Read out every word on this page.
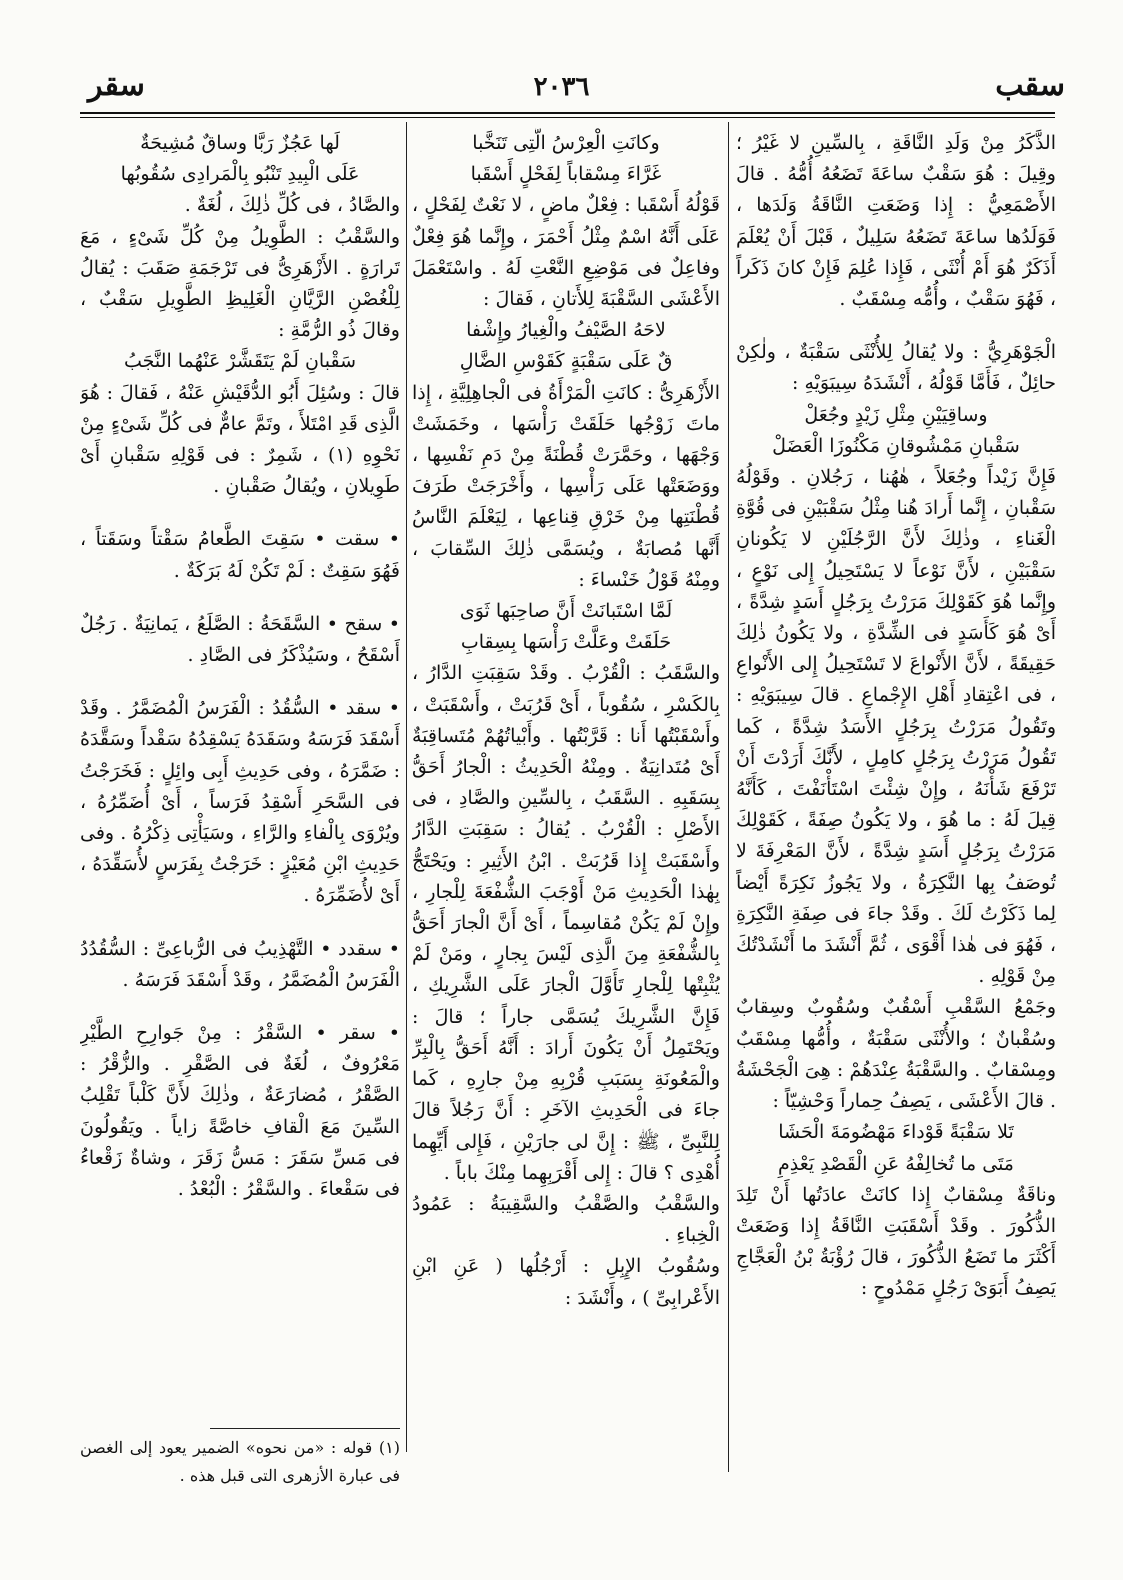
سقب
٢٠٣٦
سقر

الذَّكَرُ مِنْ وَلَدِ النَّاقَةِ ، بِالسِّينِ لا غَيْرُ ؛ وقِيلَ : هُوَ سَقْبٌ ساعَةَ تَضَعُهُ أُمُّهُ . قالَ الأَصْمَعِيُّ : إِذا وَضَعَتِ النَّاقَةُ وَلَدَها ، فَوَلَدُها ساعَةَ تَضَعُهُ سَلِيلٌ ، قَبْلَ أَنْ يُعْلَمَ أَذَكَرٌ هُوَ أَمْ أُنْثَى ، فَإِذا عُلِمَ فَإِنْ كانَ ذَكَراً ، فَهُوَ سَقْبٌ ، وأُمُّه مِسْقَبٌ .

الْجَوْهَرِيُّ : ولا يُقالُ لِلأُنْثَى سَقْبَةٌ ، ولٰكِنْ حائِلٌ ، فَأَمَّا قَوْلُهُ ، أَنْشَدَهُ سِيبَوَيْهِ :

وساقِيَيْنِ مِثْلِ زَيْدٍ وجُعَلْ

سَقْبانِ مَمْشُوقانِ مَكْنُوزَا الْعَضَلْ

فَإِنَّ زَيْداً وجُعَلاً ، هٰهُنا ، رَجُلانِ . وقَوْلُهُ سَقْبانِ ، إِنَّما أَرادَ هُنا مِثْلُ سَقْبَيْنِ فى قُوَّةِ الْغَناءِ ، وذٰلِكَ لأَنَّ الرَّجُلَيْنِ لا يَكُونانِ سَقْبَيْنِ ، لأَنَّ نَوْعاً لا يَسْتَحِيلُ إِلى نَوْعٍ ، وإِنَّما هُوَ كَقَوْلِكَ مَرَرْتُ بِرَجُلٍ أَسَدٍ شِدَّةً ، أَىْ هُوَ كَأَسَدٍ فى الشِّدَّةِ ، ولا يَكُونُ ذٰلِكَ حَقِيقَةً ، لأَنَّ الأَنْواعَ لا تَسْتَحِيلُ إِلى الأَنْواعِ ، فى اعْتِقادِ أَهْلِ الإِجْماعِ . قالَ سِيبَوَيْهِ : وتَقُولُ مَرَرْتُ بِرَجُلٍ الأَسَدُ شِدَّةً ، كَما تَقُولُ مَرَرْتُ بِرَجُلٍ كامِلٍ ، لأَنَّكَ أَرَدْتَ أَنْ تَرْفَعَ شَأْنَهُ ، وإِنْ شِئْتَ اسْتَأْنَفْتَ ، كَأَنَّهُ قِيلَ لَهُ : ما هُوَ ، ولا يَكُونُ صِفَةً ، كَقَوْلِكَ مَرَرْتُ بِرَجُلٍ أَسَدٍ شِدَّةً ، لأَنَّ المَعْرِفَةَ لا تُوصَفُ بِها النَّكِرَةُ ، ولا يَجُوزُ نَكِرَةً أَيْضاً لِما ذَكَرْتُ لَكَ . وقَدْ جاءَ فى صِفَةِ النَّكِرَةِ ، فَهُوَ فى هٰذا أَقْوَى ، ثُمَّ أَنْشَدَ ما أَنْشَدْتُكَ مِنْ قَوْلِهِ .

وجَمْعُ السَّقْبِ أَسْقُبٌ وسُقُوبٌ وسِقابٌ وسُقْبانٌ ؛ والأُنْثَى سَقْبَةٌ ، وأُمُّها مِسْقَبٌ ومِسْقابٌ . والسَّقْبَةُ عِنْدَهُمْ : هِىَ الْجَحْشَةُ . قالَ الأَعْشَى ، يَصِفُ حِماراً وَحْشِيّاً :

تَلا سَقْبَةً قَوْداءَ مَهْضُومَةَ الْحَشَا

مَتَى ما تُخالِفْهُ عَنِ الْقَصْدِ يَعْذِمِ

وناقَةٌ مِسْقابٌ إِذا كانَتْ عادَتُها أَنْ تَلِدَ الذُّكُورَ . وقَدْ أَسْقَبَتِ النَّاقَةُ إِذا وَضَعَتْ أَكْثَرَ ما تَضَعُ الذُّكُورَ ، قالَ رُؤْبَةُ بْنُ الْعَجَّاجِ يَصِفُ أَبَوَىْ رَجُلٍ مَمْدُوحٍ :

وكانَتِ الْعِرْسُ الَّتِى تَنَخَّبا

غَرَّاءَ مِسْقاباً لِفَحْلٍ أَسْقَبا

قَوْلُهُ أَسْقَبا : فِعْلٌ ماضٍ ، لا نَعْتٌ لِفَحْلٍ ، عَلَى أَنَّهُ اسْمٌ مِثْلُ أَحْمَرَ ، وإِنَّما هُوَ فِعْلٌ وفاعِلٌ فى مَوْضِعِ النَّعْتِ لَهُ . واسْتَعْمَلَ الأَعْشَى السَّقْبَةَ لِلأَتانِ ، فَقالَ :

لاحَهُ الصَّيْفُ والْغِيارُ وإِشْفا

قٌ عَلَى سَقْبَةٍ كَقَوْسِ الضَّالِ

الأَزْهَرِىُّ : كانَتِ الْمَرْأَةُ فى الْجاهِلِيَّةِ ، إِذا ماتَ زَوْجُها حَلَقَتْ رَأْسَها ، وخَمَشَتْ وَجْهَها ، وحَمَّرَتْ قُطْنَةً مِنْ دَمِ نَفْسِها ، ووَضَعَتْها عَلَى رَأْسِها ، وأَخْرَجَتْ طَرَفَ قُطْنَتِها مِنْ خَرْقِ قِناعِها ، لِيَعْلَمَ النَّاسُ أَنَّها مُصابَةٌ ، ويُسَمَّى ذٰلِكَ السِّقابَ ، ومِنْهُ قَوْلُ خَنْساءَ :

لَمَّا اسْتَبانَتْ أَنَّ صاحِبَها ثَوَى

حَلَقَتْ وعَلَّتْ رَأْسَها بِسِقابِ

والسَّقَبُ : الْقُرْبُ . وقَدْ سَقِبَتِ الدَّارُ ، بِالكَسْرِ ، سُقُوباً ، أَىْ قَرُبَتْ ، وأَسْقَبَتْ ، وأَسْقَبْتُها أَنا : قَرَّبْتُها . وأَبْياتُهُمْ مُتَساقِبَةٌ أَىْ مُتَدانِيَةٌ . ومِنْهُ الْحَدِيثُ : الْجارُ أَحَقُّ بِسَقَبِهِ . السَّقَبُ ، بِالسِّينِ والصَّادِ ، فى الأَصْلِ : الْقُرْبُ . يُقالُ : سَقِبَتِ الدَّارُ وأَسْقَبَتْ إِذا قَرُبَتْ . ابْنُ الأَثِيرِ : ويَحْتَجُّ بِهٰذا الْحَدِيثِ مَنْ أَوْجَبَ الشُّفْعَةَ لِلْجارِ ، وإِنْ لَمْ يَكُنْ مُقاسِماً ، أَىْ أَنَّ الْجارَ أَحَقُّ بِالشُّفْعَةِ مِنَ الَّذِى لَيْسَ بِجارٍ ، ومَنْ لَمْ يُثْبِتْها لِلْجارِ تَأَوَّلَ الْجارَ عَلَى الشَّرِيكِ ، فَإِنَّ الشَّرِيكَ يُسَمَّى جاراً ؛ قالَ : ويَحْتَمِلُ أَنْ يَكُونَ أَرادَ : أَنَّهُ أَحَقُّ بِالْبِرِّ والْمَعُونَةِ بِسَبَبِ قُرْبِهِ مِنْ جارِهِ ، كَما جاءَ فى الْحَدِيثِ الآخَرِ : أَنَّ رَجُلاً قالَ لِلنَّبِىِّ ، ﷺ : إِنَّ لى جارَيْنِ ، فَإِلى أَيِّهِما أُهْدِى ؟ قالَ : إِلى أَقْرَبِهِما مِنْكَ باباً .

والسَّقْبُ والصَّقْبُ والسَّقِيبَةُ : عَمُودُ الْخِباءِ .

وسُقُوبُ الإِبِلِ : أَرْجُلُها ( عَنِ ابْنِ الأَعْرابِىِّ ) ، وأَنْشَدَ :

لَها عَجُزٌ رَبَّا وساقٌ مُشِيحَةٌ

عَلَى الْبِيدِ تَنْبُو بِالْمَرادِى سُقُوبُها

والصَّادُ ، فى كُلِّ ذٰلِكَ ، لُغَةٌ .

والسَّقْبُ : الطَّوِيلُ مِنْ كُلِّ شَىْءٍ ، مَعَ تَرارَةٍ . الأَزْهَرِىُّ فى تَرْجَمَةِ صَقَبَ : يُقالُ لِلْغُصْنِ الرَّيَّانِ الْغَلِيظِ الطَّوِيلِ سَقْبٌ ، وقالَ ذُو الرُّمَّةِ :

سَقْبانِ لَمْ يَتَقَشَّرْ عَنْهُما النَّجَبُ

قالَ : وسُئِلَ أَبُو الدُّقَيْشِ عَنْهُ ، فَقالَ : هُوَ الَّذِى قَدِ امْتَلأَ ، وتَمَّ عامٌّ فى كُلِّ شَىْءٍ مِنْ نَحْوِهِ (١) ، شَمِرٌ : فى قَوْلِهِ سَقْبانِ أَىْ طَوِيلانِ ، ويُقالُ صَقْبانِ .

• سقت • سَقِتَ الطَّعامُ سَقْتاً وسَقَتاً ، فَهُوَ سَقِتٌ : لَمْ تَكُنْ لَهُ بَرَكَةٌ .

• سقح • السَّقَحَةُ : الصَّلَعُ ، يَمانِيَةٌ . رَجُلٌ أَسْقَحُ ، وسَيُذْكَرُ فى الصَّادِ .

• سقد • السُّقُدُ : الْفَرَسُ الْمُضَمَّرُ . وقَدْ أَسْقَدَ فَرَسَهُ وسَقَدَهُ يَسْقِدُهُ سَقْداً وسَقَّدَهُ : ضَمَّرَهُ ، وفى حَدِيثِ أَبِى وائِلٍ : فَخَرَجْتُ فى السَّحَرِ أَسْقِدُ فَرَساً ، أَىْ أُضَمِّرُهُ ، ويُرْوَى بِالْفاءِ والرَّاءِ ، وسَيَأْتِى ذِكْرُهُ . وفى حَدِيثِ ابْنِ مُعَيْزٍ : خَرَجْتُ بِفَرَسٍ لأُسَقِّدَهُ ، أَىْ لأُضَمِّرَهُ .

• سقدد • التَّهْذِيبُ فى الرُّباعِىِّ : السُّقُدُدُ الْفَرَسُ الْمُضَمَّرُ ، وقَدْ أَسْقَدَ فَرَسَهُ .

• سقر • السَّقْرُ : مِنْ جَوارِحِ الطَّيْرِ مَعْرُوفٌ ، لُغَةٌ فى الصَّقْرِ . والزُّقْرُ : الصَّقْرُ ، مُضارَعَةٌ ، وذٰلِكَ لأَنَّ كَلْباً تَقْلِبُ السِّينَ مَعَ الْقافِ خاصَّةً زاياً . ويَقُولُونَ فى مَسِّ سَقَرَ : مَسُّ زَقَرَ ، وشاةٌ زَقْعاءُ فى سَقْعاءَ . والسَّقْرُ : الْبُعْدُ .

(١) قوله : «من نحوه» الضمير يعود إلى الغصن فى عبارة الأزهرى التى قبل هذه .
